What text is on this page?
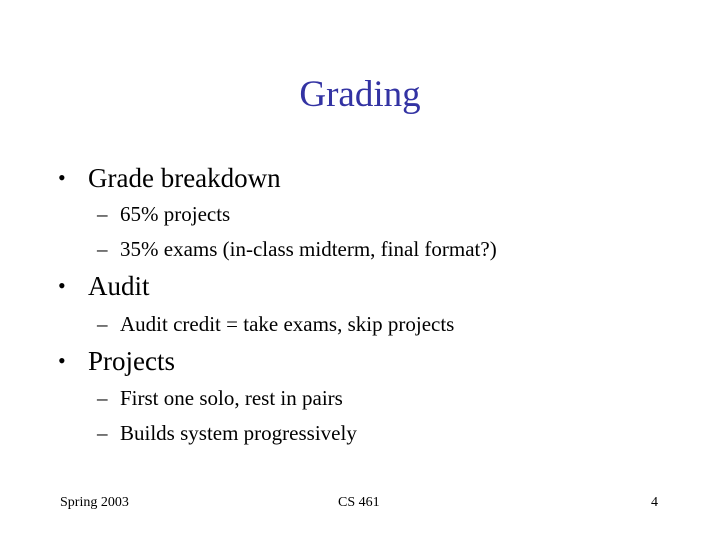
Grading
• Grade breakdown
– 65% projects
– 35% exams (in-class midterm, final format?)
• Audit
– Audit credit = take exams, skip projects
• Projects
– First one solo, rest in pairs
– Builds system progressively
Spring 2003	CS 461	4
